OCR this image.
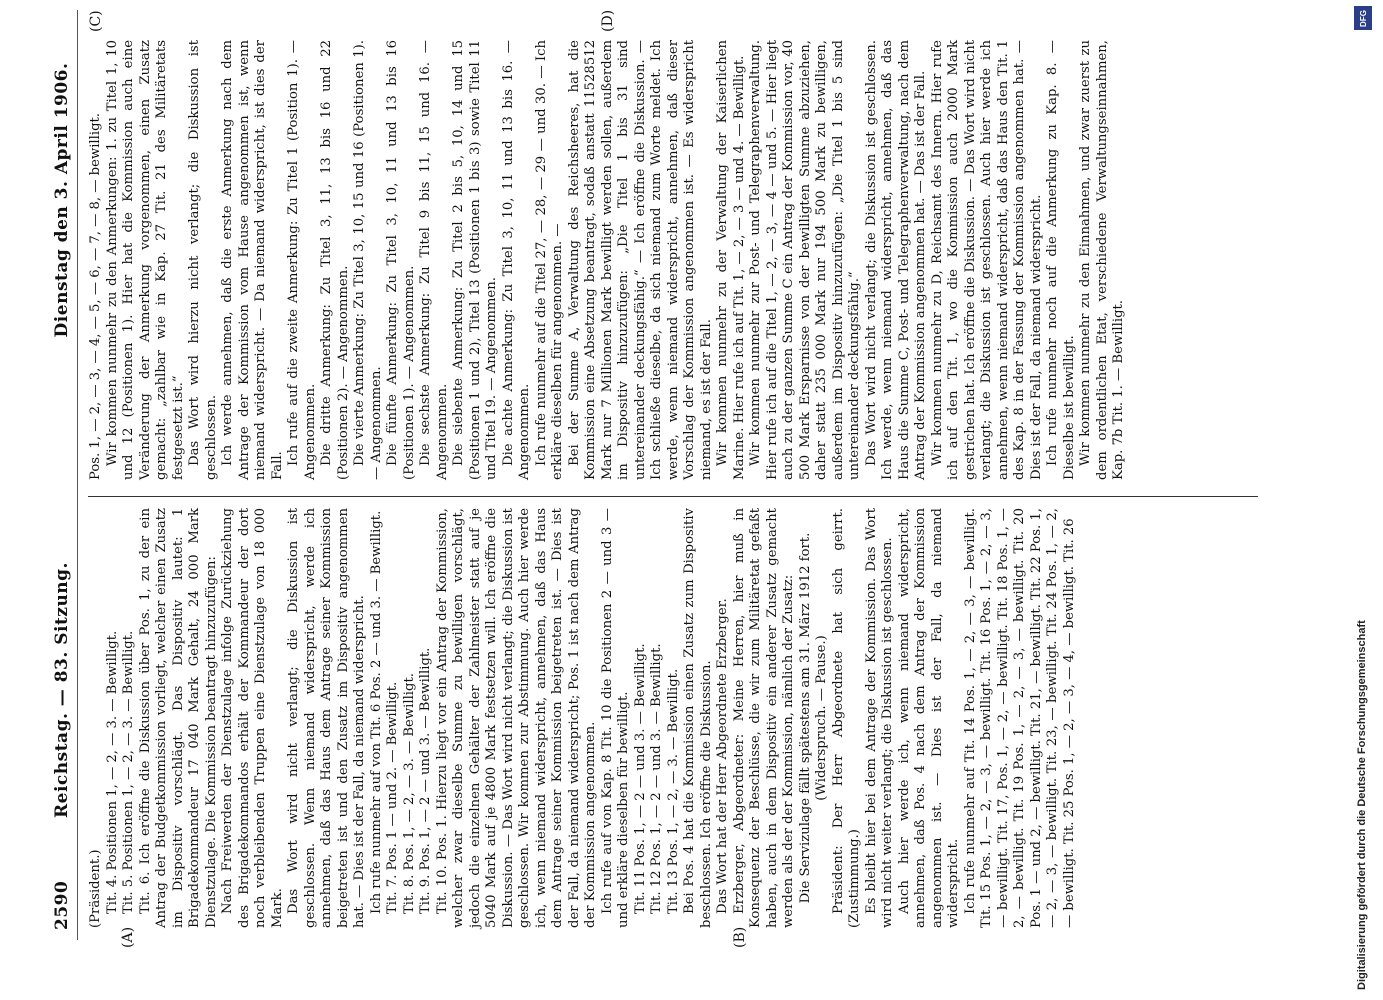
2590
Reichstag. — 83. Sitzung.
Dienstag den 3. April 1906.
(A)	(B)
(C)	(D)

(Präsident.) Tit. 4. Positionen 1, — 2, — 3. — Bewilligt. Tit. 5. Positionen 1, — 2, — 3. — Bewilligt. Tit. 6. Ich eröffne die Diskussion über Pos. 1, zu der ein Antrag der Budgetkommission vorliegt, welcher einen Zusatz im Dispositiv vorschlägt. Das Dispositiv lautet: 1 Brigadekommandeur 17 040 Mark Gehalt, 24 000 Mark Dienstzulage. Die Kommission beantragt hinzuzufügen: Nach Freiwerden der Dienstzulage infolge Zurückziehung des Brigadekommandos erhält der Kommandeur der dort noch verbleibenden Truppen eine Dienstzulage von 18 000 Mark. Das Wort wird nicht verlangt; die Diskussion ist geschlossen. Wenn niemand widerspricht, werde ich annehmen, daß das Haus dem Antrage seiner Kommission beigetreten ist und den Zusatz im Dispositiv angenommen hat. — Dies ist der Fall, da niemand widerspricht. Ich rufe nunmehr auf von Tit. 6 Pos. 2 — und 3. — Bewilligt. Tit. 7. Pos. 1 — und 2. — Bewilligt. Tit. 8. Pos. 1, — 2, — 3. — Bewilligt. Tit. 9. Pos. 1, — 2 — und 3. — Bewilligt. Tit. 10. Pos. 1. Hierzu liegt vor ein Antrag der Kommission, welcher zwar dieselbe Summe zu bewilligen vorschlägt, jedoch die einzelnen Gehälter der Zahlmeister statt auf je 5040 Mark auf je 4800 Mark festsetzen will. Ich eröffne die Diskussion. — Das Wort wird nicht verlangt; die Diskussion ist geschlossen. Wir kommen zur Abstimmung. Auch hier werde ich, wenn niemand widerspricht, annehmen, daß das Haus dem Antrage seiner Kommission beigetreten ist. — Dies ist der Fall, da niemand widerspricht; Pos. 1 ist nach dem Antrag der Kommission angenommen. Ich rufe auf von Kap. 8 Tit. 10 die Positionen 2 — und 3 — und erkläre dieselben für bewilligt. Tit. 11 Pos. 1, — 2 — und 3. — Bewilligt. Tit. 12 Pos. 1, — 2 — und 3. — Bewilligt. Tit. 13 Pos. 1, — 2, — 3. — Bewilligt. Bei Pos. 4 hat die Kommission einen Zusatz zum Dispositiv beschlossen. Ich eröffne die Diskussion. Das Wort hat der Herr Abgeordnete Erzberger. Erzberger, Abgeordneter: Meine Herren, hier muß in Konsequenz der Beschlüsse, die wir zum Militäretat gefaßt haben, auch in dem Dispositiv ein anderer Zusatz gemacht werden als der der Kommission, nämlich der Zusatz: Die Servizulage fällt spätestens am 31. März 1912 fort. (Widerspruch. — Pause.) Präsident: Der Herr Abgeordnete hat sich geirrt. (Zustimmung.) Es bleibt hier bei dem Antrage der Kommission. Das Wort wird nicht weiter verlangt; die Diskussion ist geschlossen. Auch hier werde ich, wenn niemand widerspricht, annehmen, daß Pos. 4 nach dem Antrag der Kommission angenommen ist. — Dies ist der Fall, da niemand widerspricht. Ich rufe nunmehr auf Tit. 14 Pos. 1, — 2, — 3, — bewilligt. Tit. 15 Pos. 1, — 2, — 3, — bewilligt. Tit. 16 Pos. 1, — 2, — 3, — bewilligt. Tit. 17, Pos. 1, — 2, — bewilligt. Tit. 18 Pos. 1, — 2, — bewilligt. Tit. 19 Pos. 1, — 2, — 3, — bewilligt. Tit. 20 Pos. 1 — und 2, — bewilligt. Tit. 21, — bewilligt. Tit. 22 Pos. 1, — 2, — 3, — bewilligt. Tit. 23, — bewilligt. Tit. 24 Pos. 1, — 2, — bewilligt. Tit. 25 Pos. 1, — 2, — 3, — 4, — bewilligt. Tit. 26

Pos. 1, — 2, — 3, — 4, — 5, — 6, — 7, — 8, — bewilligt. Wir kommen nunmehr zu den Anmerkungen: 1. zu Titel 1, 10 und 12 (Positionen 1). Hier hat die Kommission auch eine Veränderung der Anmerkung vorgenommen, einen Zusatz gemacht: „zahlbar wie in Kap. 27 Tit. 21 des Militäretats festgesetzt ist.“ Das Wort wird hierzu nicht verlangt; die Diskussion ist geschlossen. Ich werde annehmen, daß die erste Anmerkung nach dem Antrage der Kommission vom Hause angenommen ist, wenn niemand widerspricht. — Da niemand widerspricht, ist dies der Fall. Ich rufe auf die zweite Anmerkung: Zu Titel 1 (Position 1). — Angenommen. Die dritte Anmerkung: Zu Titel 3, 11, 13 bis 16 und 22 (Positionen 2). — Angenommen. Die vierte Anmerkung: Zu Titel 3, 10, 15 und 16 (Positionen 1). — Angenommen. Die fünfte Anmerkung: Zu Titel 3, 10, 11 und 13 bis 16 (Positionen 1). — Angenommen. Die sechste Anmerkung: Zu Titel 9 bis 11, 15 und 16. — Angenommen. Die siebente Anmerkung: Zu Titel 2 bis 5, 10, 14 und 15 (Positionen 1 und 2), Titel 13 (Positionen 1 bis 3) sowie Titel 11 und Titel 19. — Angenommen. Die achte Anmerkung: Zu Titel 3, 10, 11 und 13 bis 16. — Angenommen. Ich rufe nunmehr auf die Titel 27, — 28, — 29 — und 30. — Ich erkläre dieselben für angenommen. — Bei der Summe A, Verwaltung des Reichsheeres, hat die Kommission eine Absetzung beantragt, sodaß anstatt 11528512 Mark nur 7 Millionen Mark bewilligt werden sollen, außerdem im Dispositiv hinzuzufügen: „Die Titel 1 bis 31 sind untereinander deckungsfähig.“ — Ich eröffne die Diskussion. — Ich schließe dieselbe, da sich niemand zum Worte meldet. Ich werde, wenn niemand widerspricht, annehmen, daß dieser Vorschlag der Kommission angenommen ist. — Es widerspricht niemand, es ist der Fall. Wir kommen nunmehr zu der Verwaltung der Kaiserlichen Marine. Hier rufe ich auf Tit. 1, — 2, — 3 — und 4. — Bewilligt. Wir kommen nunmehr zur Post- und Telegraphenverwaltung. Hier rufe ich auf die Titel 1, — 2, — 3, — 4 — und 5. — Hier liegt auch zu der ganzen Summe C ein Antrag der Kommission vor, 40 500 Mark Ersparnisse von der bewilligten Summe abzuziehen, daher statt 235 000 Mark nur 194 500 Mark zu bewilligen, außerdem im Dispositiv hinzuzufügen: „Die Titel 1 bis 5 sind untereinander deckungsfähig.“ Das Wort wird nicht verlangt; die Diskussion ist geschlossen. Ich werde, wenn niemand widerspricht, annehmen, daß das Haus die Summe C, Post- und Telegraphenverwaltung, nach dem Antrag der Kommission angenommen hat. — Das ist der Fall. Wir kommen nunmehr zu D, Reichsamt des Innern. Hier rufe ich auf den Tit. 1, wo die Kommission auch 2000 Mark gestrichen hat. Ich eröffne die Diskussion. — Das Wort wird nicht verlangt; die Diskussion ist geschlossen. Auch hier werde ich annehmen, wenn niemand widerspricht, daß das Haus den Tit. 1 des Kap. 8 in der Fassung der Kommission angenommen hat. — Dies ist der Fall, da niemand widerspricht. Ich rufe nunmehr noch auf die Anmerkung zu Kap. 8. — Dieselbe ist bewilligt. Wir kommen nunmehr zu den Einnahmen, und zwar zuerst zu dem ordentlichen Etat, verschiedene Verwaltungseinnahmen, Kap. 7b Tit. 1. — Bewilligt.

DFG
Digitalisierung gefördert durch die Deutsche Forschungsgemeinschaft
